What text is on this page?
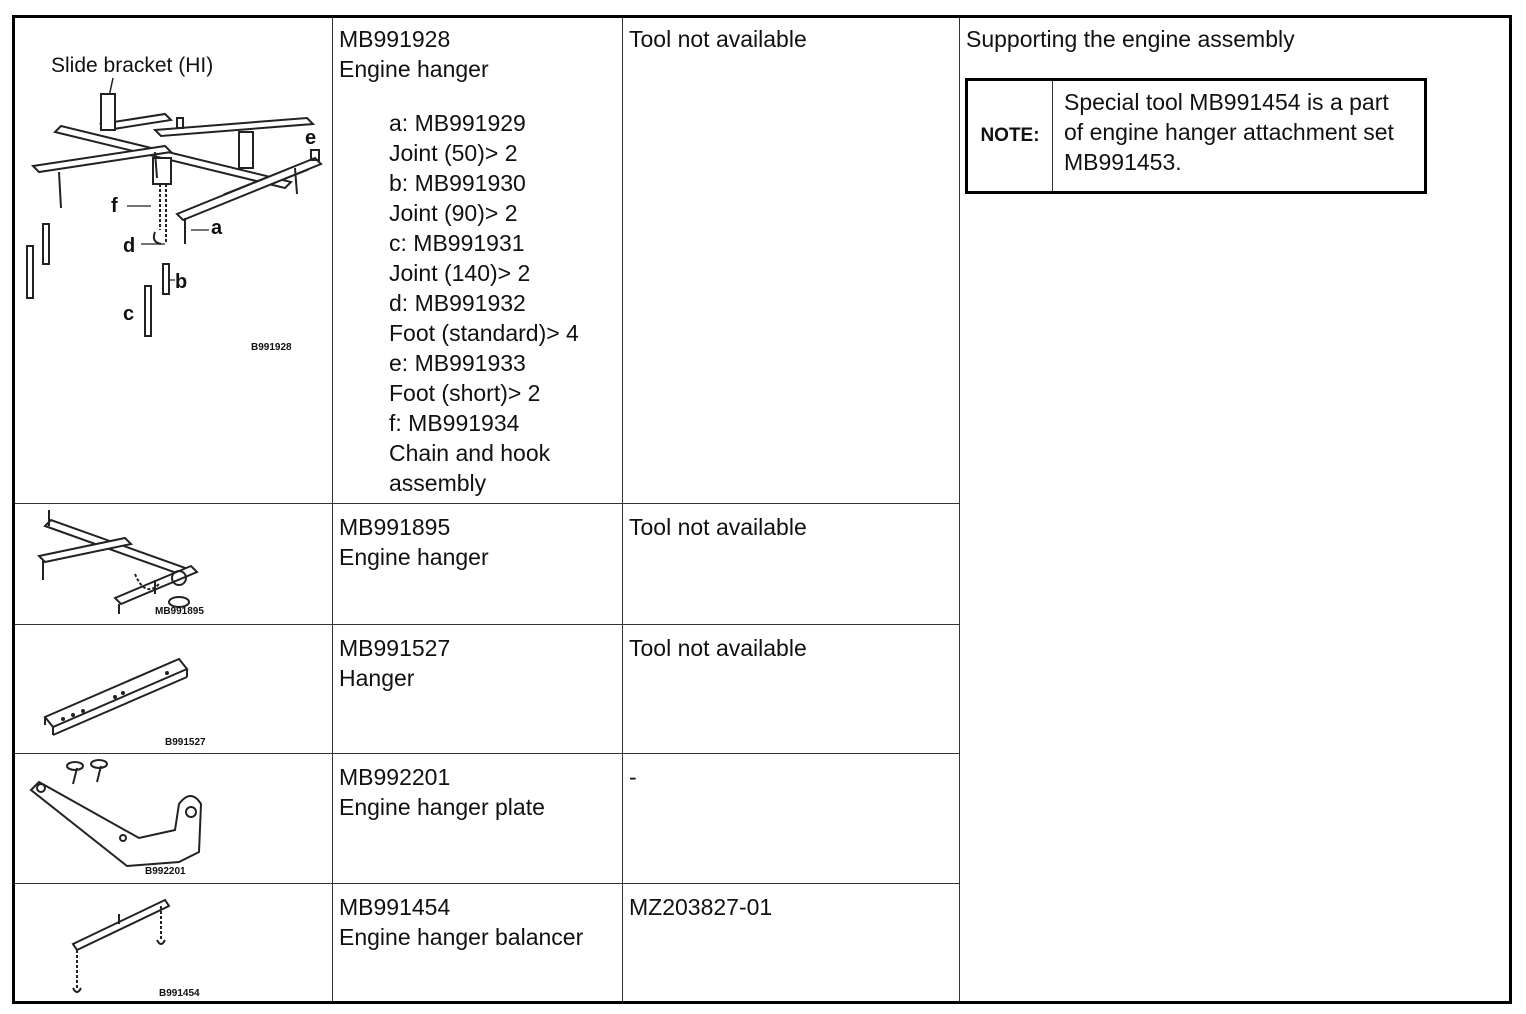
Slide bracket (HI)
a
b
c
d
e
f
B991928
MB991895
B991527
B992201
B991454
MB991928
Engine hanger
a: MB991929
Joint (50)> 2
b: MB991930
Joint (90)> 2
c: MB991931
Joint (140)> 2
d: MB991932
Foot (standard)> 4
e: MB991933
Foot (short)> 2
f: MB991934
Chain and hook assembly
Tool not available
MB991895
Engine hanger
Tool not available
MB991527
Hanger
Tool not available
MB992201
Engine hanger plate
-
MB991454
Engine hanger balancer
MZ203827-01
Supporting the engine assembly
NOTE:
Special tool MB991454 is a part of engine hanger attachment set MB991453.
